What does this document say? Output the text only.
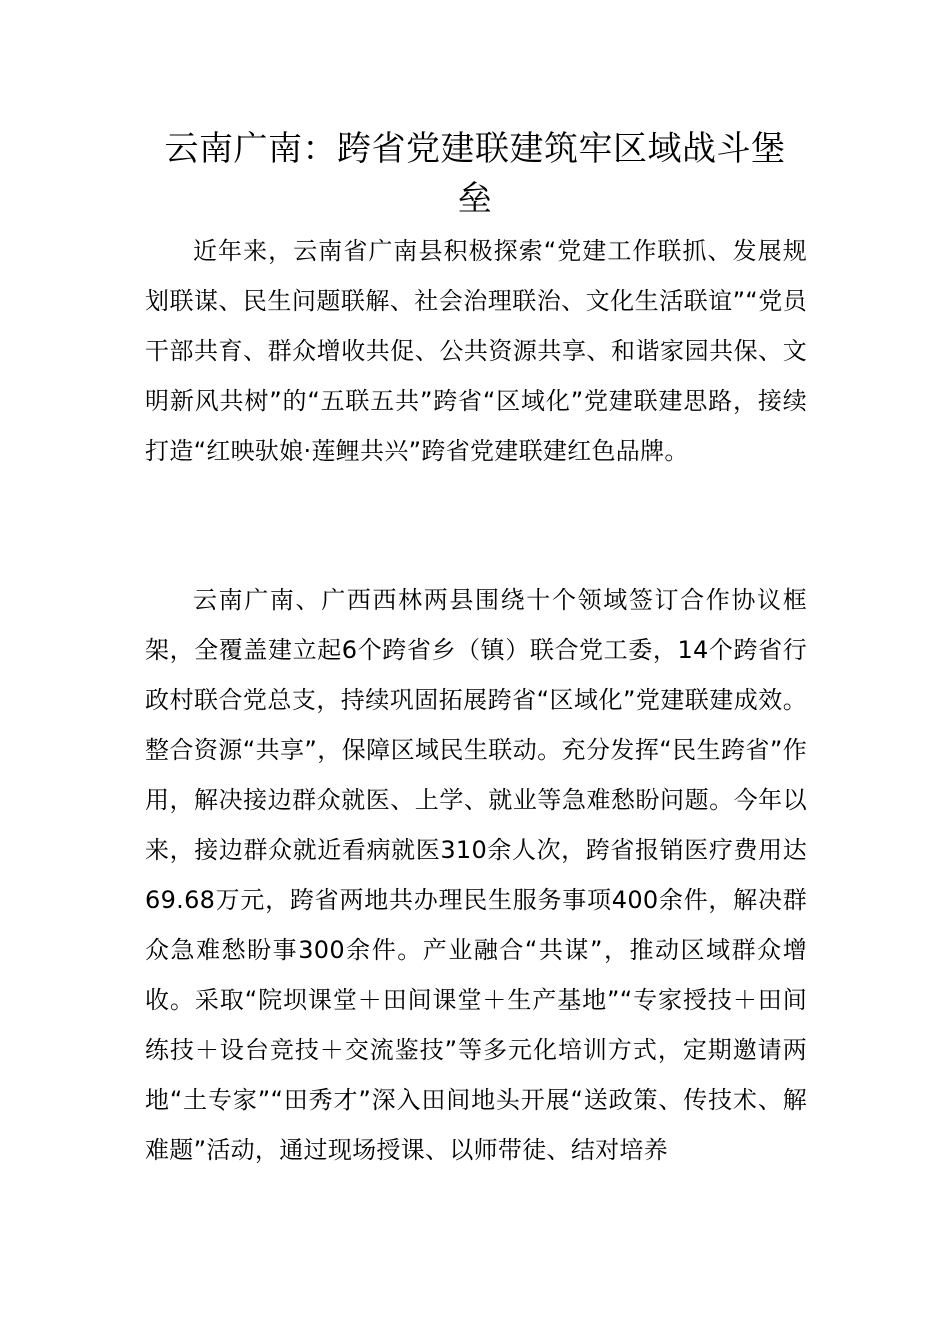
云南广南：跨省党建联建筑牢区域战斗堡垒

近年来，云南省广南县积极探索“党建工作联抓、发展规划联谋、民生问题联解、社会治理联治、文化生活联谊”“党员干部共育、群众增收共促、公共资源共享、和谐家园共保、文明新风共树”的“五联五共”跨省“区域化”党建联建思路，接续打造“红映驮娘·莲鲤共兴”跨省党建联建红色品牌。

云南广南、广西西林两县围绕十个领域签订合作协议框架，全覆盖建立起6个跨省乡（镇）联合党工委，14个跨省行政村联合党总支，持续巩固拓展跨省“区域化”党建联建成效。整合资源“共享”，保障区域民生联动。充分发挥“民生跨省”作用，解决接边群众就医、上学、就业等急难愁盼问题。今年以来，接边群众就近看病就医310余人次，跨省报销医疗费用达69.68万元，跨省两地共办理民生服务事项400余件，解决群众急难愁盼事300余件。产业融合“共谋”，推动区域群众增收。采取“院坝课堂＋田间课堂＋生产基地”“专家授技＋田间练技＋设台竞技＋交流鉴技”等多元化培训方式，定期邀请两地“土专家”“田秀才”深入田间地头开展“送政策、传技术、解难题”活动，通过现场授课、以师带徒、结对培养
